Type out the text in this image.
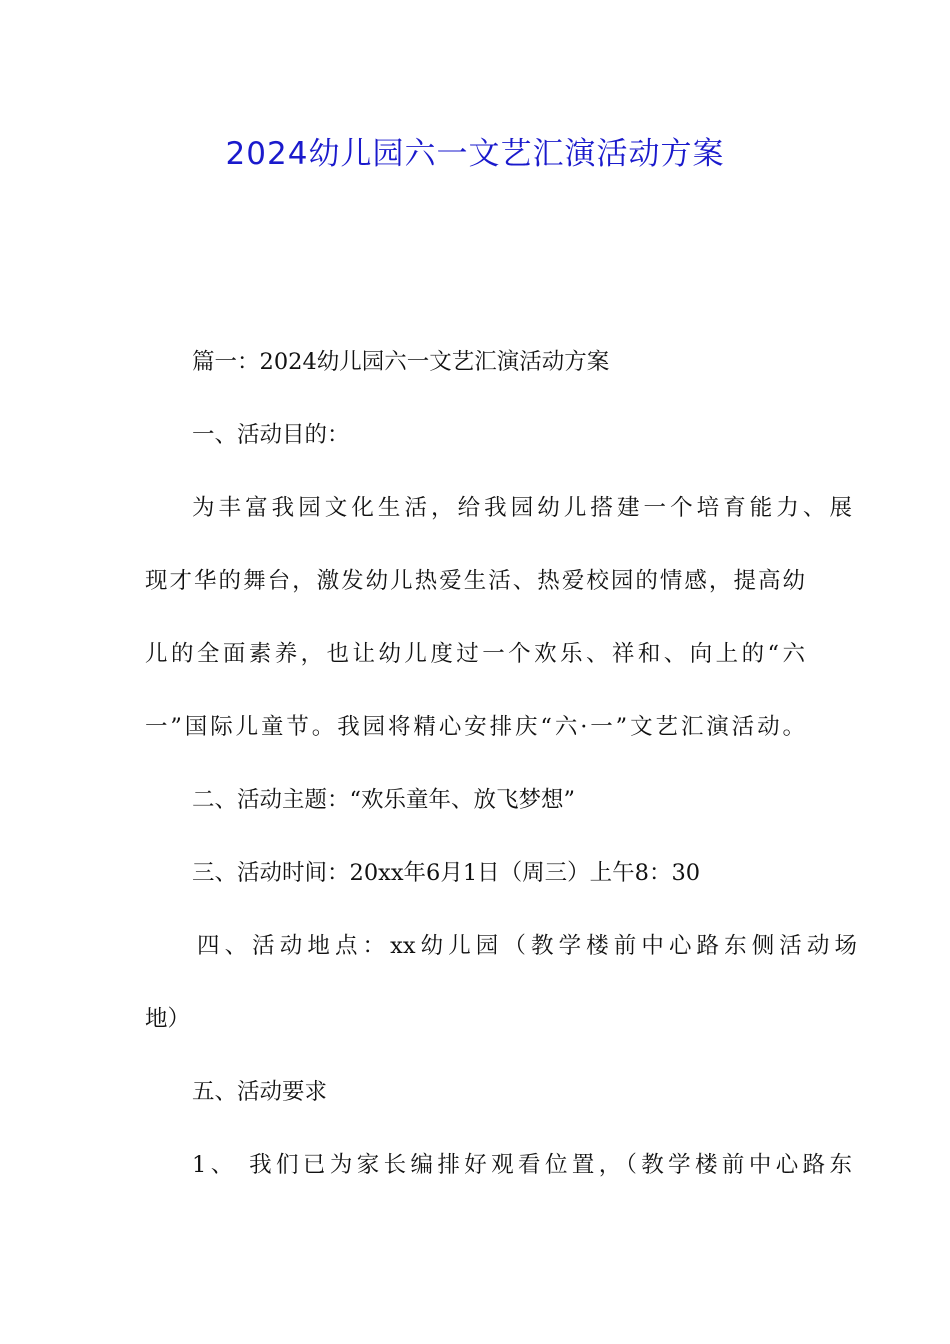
2024幼儿园六一文艺汇演活动方案
篇一：2024幼儿园六一文艺汇演活动方案
一、活动目的：
为丰富我园文化生活，给我园幼儿搭建一个培育能力、展
现才华的舞台，激发幼儿热爱生活、热爱校园的情感，提高幼
儿的全面素养，也让幼儿度过一个欢乐、祥和、向上的“六
一”国际儿童节。我园将精心安排庆“六·一”文艺汇演活动。
二、活动主题：“欢乐童年、放飞梦想”
三、活动时间：20xx年6月1日（周三）上午8：30
四、活动地点：xx幼儿园（教学楼前中心路东侧活动场
地）
五、活动要求
1、 我们已为家长编排好观看位置，（教学楼前中心路东
